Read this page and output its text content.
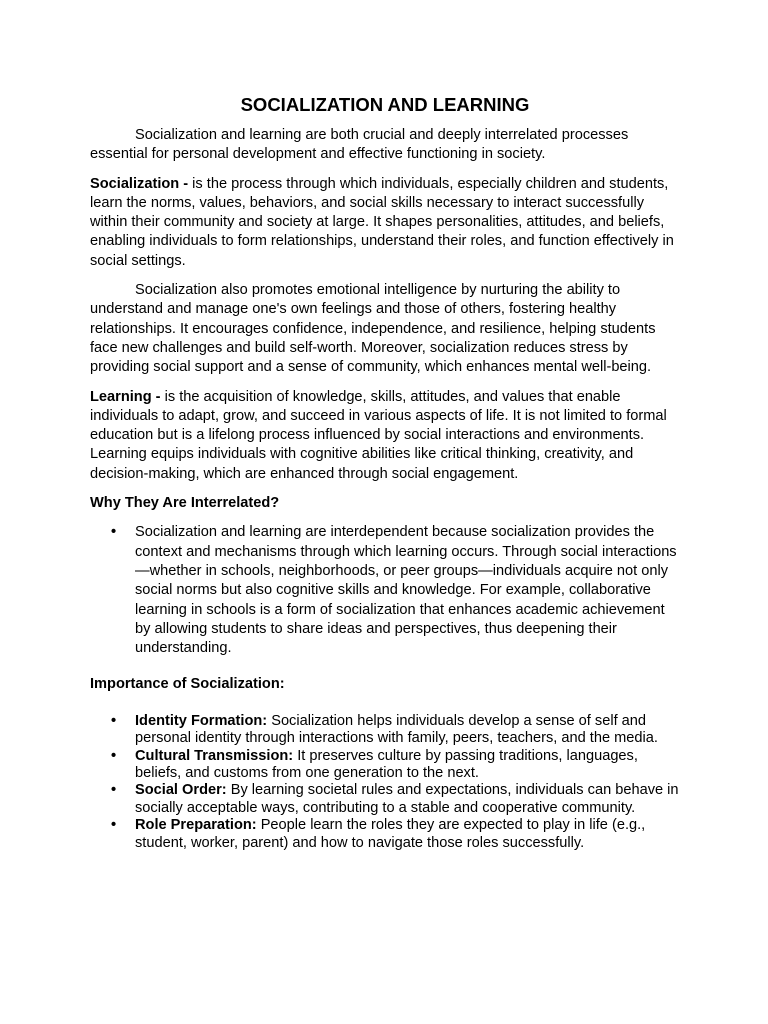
SOCIALIZATION AND LEARNING

Socialization and learning are both crucial and deeply interrelated processes essential for personal development and effective functioning in society.

Socialization - is the process through which individuals, especially children and students, learn the norms, values, behaviors, and social skills necessary to interact successfully within their community and society at large. It shapes personalities, attitudes, and beliefs, enabling individuals to form relationships, understand their roles, and function effectively in social settings.

Socialization also promotes emotional intelligence by nurturing the ability to understand and manage one's own feelings and those of others, fostering healthy relationships. It encourages confidence, independence, and resilience, helping students face new challenges and build self-worth. Moreover, socialization reduces stress by providing social support and a sense of community, which enhances mental well-being.

Learning - is the acquisition of knowledge, skills, attitudes, and values that enable individuals to adapt, grow, and succeed in various aspects of life. It is not limited to formal education but is a lifelong process influenced by social interactions and environments. Learning equips individuals with cognitive abilities like critical thinking, creativity, and decision-making, which are enhanced through social engagement.

Why They Are Interrelated?
• Socialization and learning are interdependent because socialization provides the context and mechanisms through which learning occurs. Through social interactions—whether in schools, neighborhoods, or peer groups—individuals acquire not only social norms but also cognitive skills and knowledge. For example, collaborative learning in schools is a form of socialization that enhances academic achievement by allowing students to share ideas and perspectives, thus deepening their understanding.
Importance of Socialization:
• Identity Formation: Socialization helps individuals develop a sense of self and personal identity through interactions with family, peers, teachers, and the media.
• Cultural Transmission: It preserves culture by passing traditions, languages, beliefs, and customs from one generation to the next.
• Social Order: By learning societal rules and expectations, individuals can behave in socially acceptable ways, contributing to a stable and cooperative community.
• Role Preparation: People learn the roles they are expected to play in life (e.g., student, worker, parent) and how to navigate those roles successfully.
